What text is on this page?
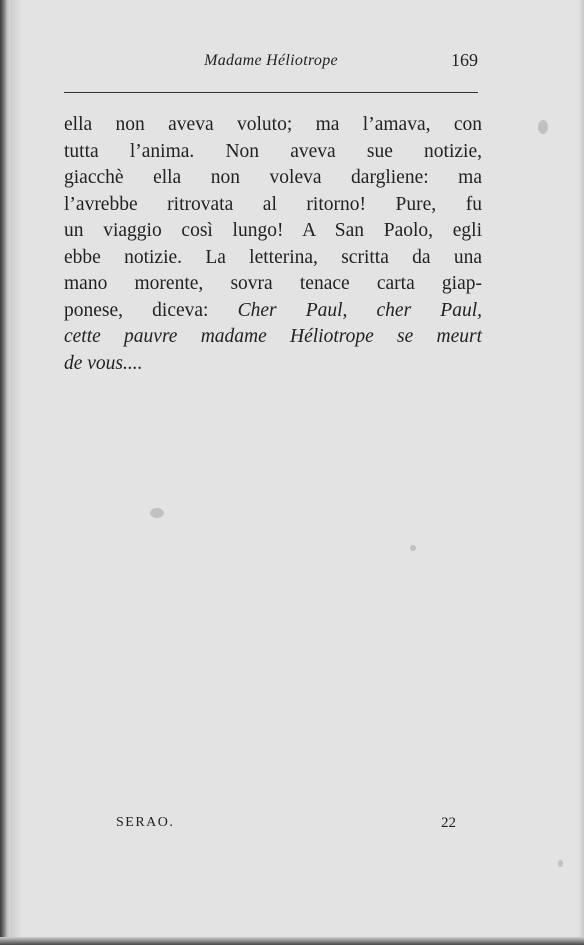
Madame Héliotrope	169
ella non aveva voluto; ma l’amava, con
tutta l’anima. Non aveva sue notizie,
giacchè ella non voleva dargliene: ma
l’avrebbe ritrovata al ritorno! Pure, fu
un viaggio così lungo! A San Paolo, egli
ebbe notizie. La letterina, scritta da una
mano morente, sovra tenace carta giap-
ponese, diceva: Cher Paul, cher Paul,
cette pauvre madame Héliotrope se meurt
de vous....
SERAO.	22
